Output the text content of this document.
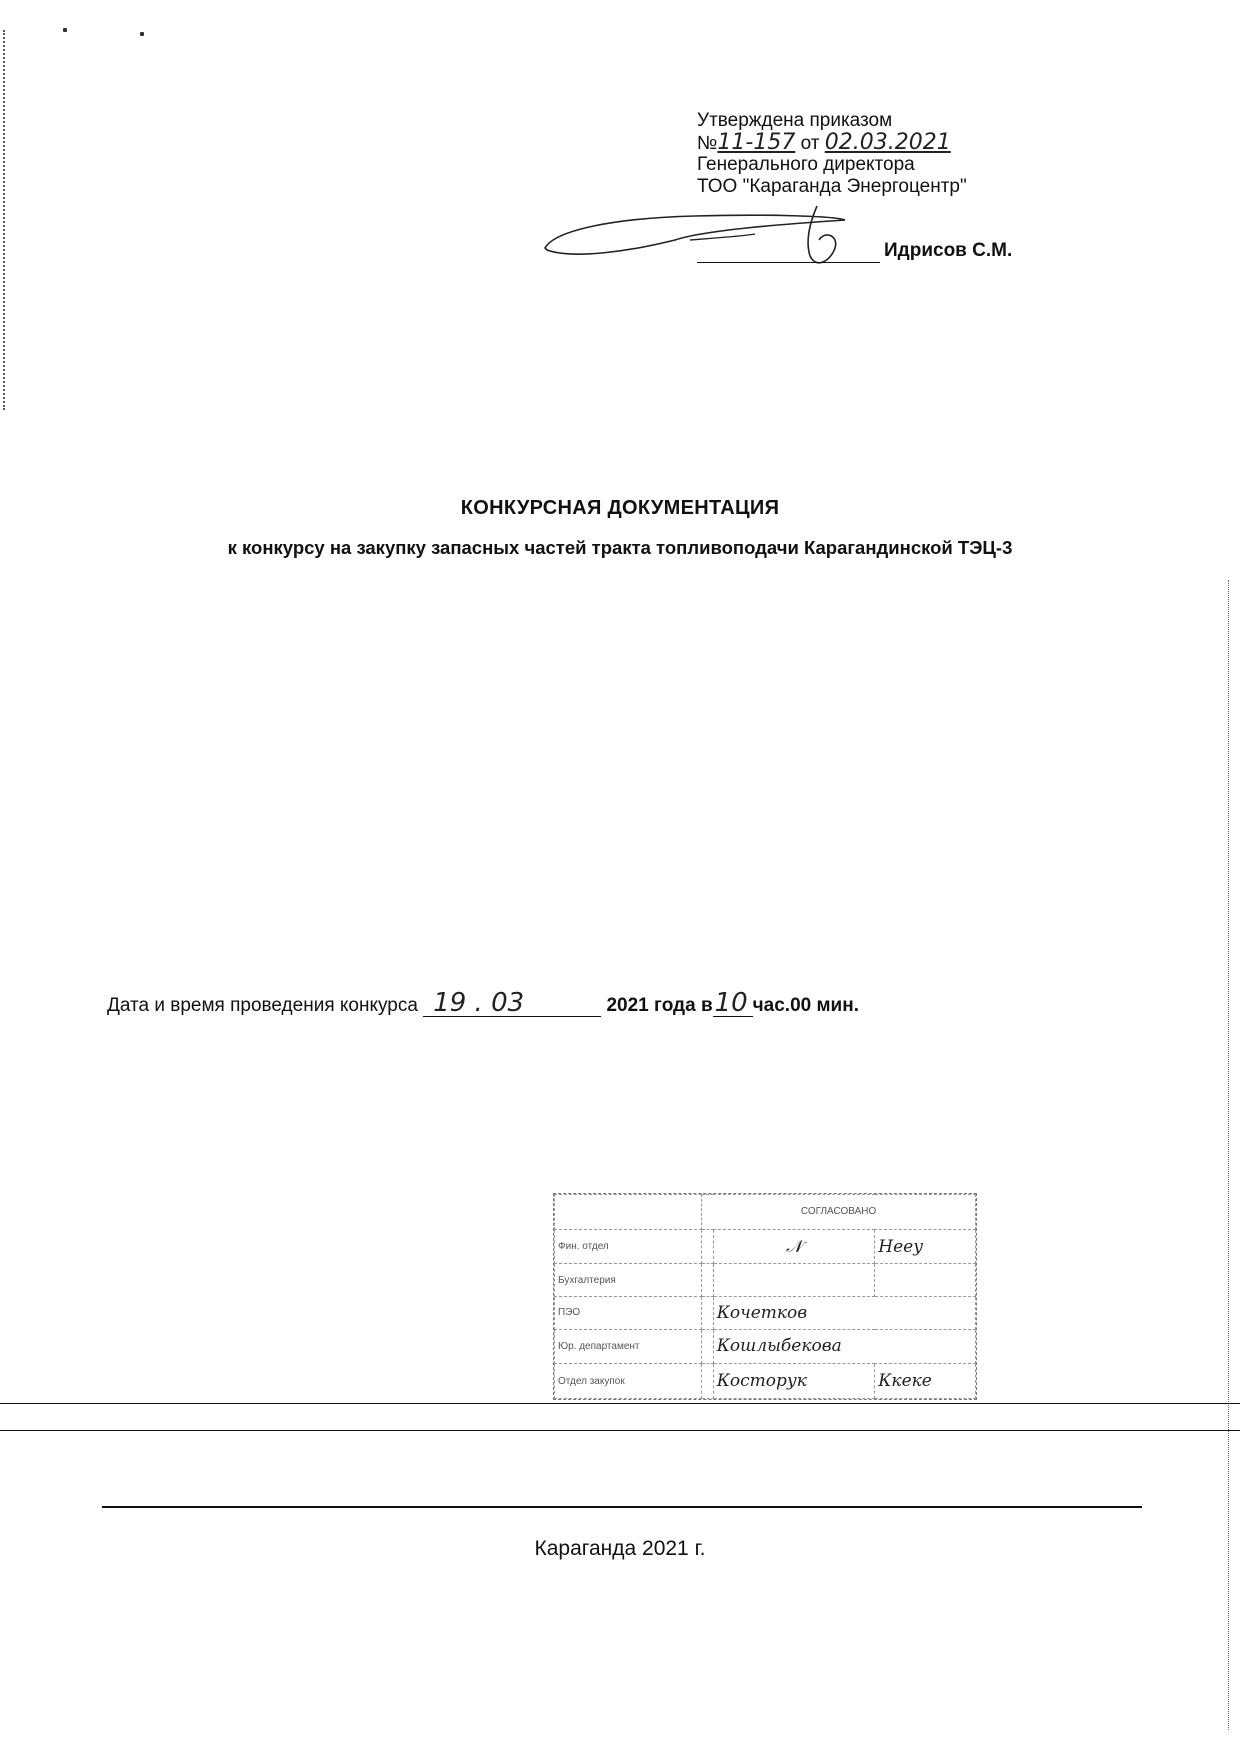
Утверждена приказом
№11-157 от 02.03.2021
Генерального директора
ТОО "Караганда Энергоцентр"
Идрисов С.М.
КОНКУРСНАЯ ДОКУМЕНТАЦИЯ
к конкурсу на закупку запасных частей тракта топливоподачи Карагандинской ТЭЦ-3
Дата и время проведения конкурса 19 . 03	2021 года в10 час.00 мин.
	СОГЛАСОВАНО		
Фин. отдел		𝒩	Нееу
Бухгалтерия			
ПЭО		Кочетков	
Юр. департамент		Кошлыбекова	
Отдел закупок		Косторук	Ккеке
Караганда 2021 г.
